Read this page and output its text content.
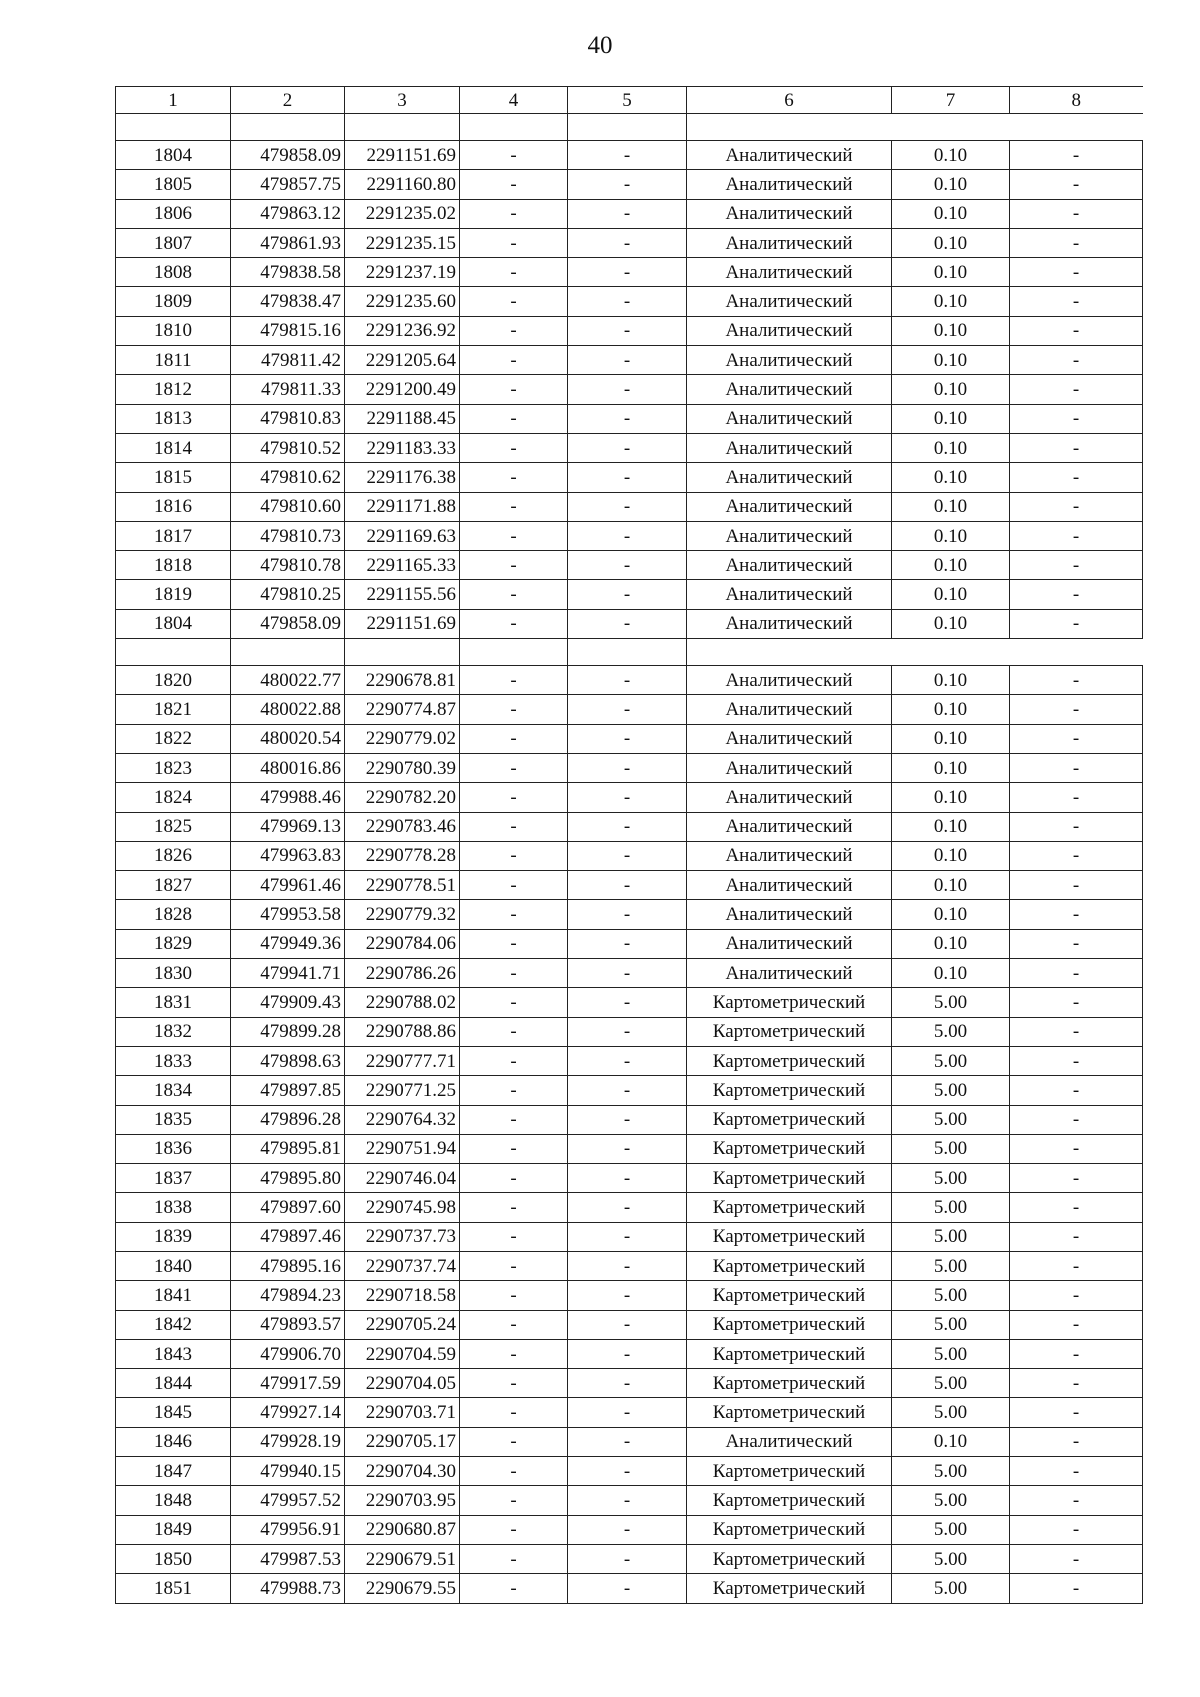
40
1	2	3	4	5	6	7	8

1804	479858.09	2291151.69	-	-	Аналитический	0.10	-
1805	479857.75	2291160.80	-	-	Аналитический	0.10	-
1806	479863.12	2291235.02	-	-	Аналитический	0.10	-
1807	479861.93	2291235.15	-	-	Аналитический	0.10	-
1808	479838.58	2291237.19	-	-	Аналитический	0.10	-
1809	479838.47	2291235.60	-	-	Аналитический	0.10	-
1810	479815.16	2291236.92	-	-	Аналитический	0.10	-
1811	479811.42	2291205.64	-	-	Аналитический	0.10	-
1812	479811.33	2291200.49	-	-	Аналитический	0.10	-
1813	479810.83	2291188.45	-	-	Аналитический	0.10	-
1814	479810.52	2291183.33	-	-	Аналитический	0.10	-
1815	479810.62	2291176.38	-	-	Аналитический	0.10	-
1816	479810.60	2291171.88	-	-	Аналитический	0.10	-
1817	479810.73	2291169.63	-	-	Аналитический	0.10	-
1818	479810.78	2291165.33	-	-	Аналитический	0.10	-
1819	479810.25	2291155.56	-	-	Аналитический	0.10	-
1804	479858.09	2291151.69	-	-	Аналитический	0.10	-

1820	480022.77	2290678.81	-	-	Аналитический	0.10	-
1821	480022.88	2290774.87	-	-	Аналитический	0.10	-
1822	480020.54	2290779.02	-	-	Аналитический	0.10	-
1823	480016.86	2290780.39	-	-	Аналитический	0.10	-
1824	479988.46	2290782.20	-	-	Аналитический	0.10	-
1825	479969.13	2290783.46	-	-	Аналитический	0.10	-
1826	479963.83	2290778.28	-	-	Аналитический	0.10	-
1827	479961.46	2290778.51	-	-	Аналитический	0.10	-
1828	479953.58	2290779.32	-	-	Аналитический	0.10	-
1829	479949.36	2290784.06	-	-	Аналитический	0.10	-
1830	479941.71	2290786.26	-	-	Аналитический	0.10	-
1831	479909.43	2290788.02	-	-	Картометрический	5.00	-
1832	479899.28	2290788.86	-	-	Картометрический	5.00	-
1833	479898.63	2290777.71	-	-	Картометрический	5.00	-
1834	479897.85	2290771.25	-	-	Картометрический	5.00	-
1835	479896.28	2290764.32	-	-	Картометрический	5.00	-
1836	479895.81	2290751.94	-	-	Картометрический	5.00	-
1837	479895.80	2290746.04	-	-	Картометрический	5.00	-
1838	479897.60	2290745.98	-	-	Картометрический	5.00	-
1839	479897.46	2290737.73	-	-	Картометрический	5.00	-
1840	479895.16	2290737.74	-	-	Картометрический	5.00	-
1841	479894.23	2290718.58	-	-	Картометрический	5.00	-
1842	479893.57	2290705.24	-	-	Картометрический	5.00	-
1843	479906.70	2290704.59	-	-	Картометрический	5.00	-
1844	479917.59	2290704.05	-	-	Картометрический	5.00	-
1845	479927.14	2290703.71	-	-	Картометрический	5.00	-
1846	479928.19	2290705.17	-	-	Аналитический	0.10	-
1847	479940.15	2290704.30	-	-	Картометрический	5.00	-
1848	479957.52	2290703.95	-	-	Картометрический	5.00	-
1849	479956.91	2290680.87	-	-	Картометрический	5.00	-
1850	479987.53	2290679.51	-	-	Картометрический	5.00	-
1851	479988.73	2290679.55	-	-	Картометрический	5.00	-
